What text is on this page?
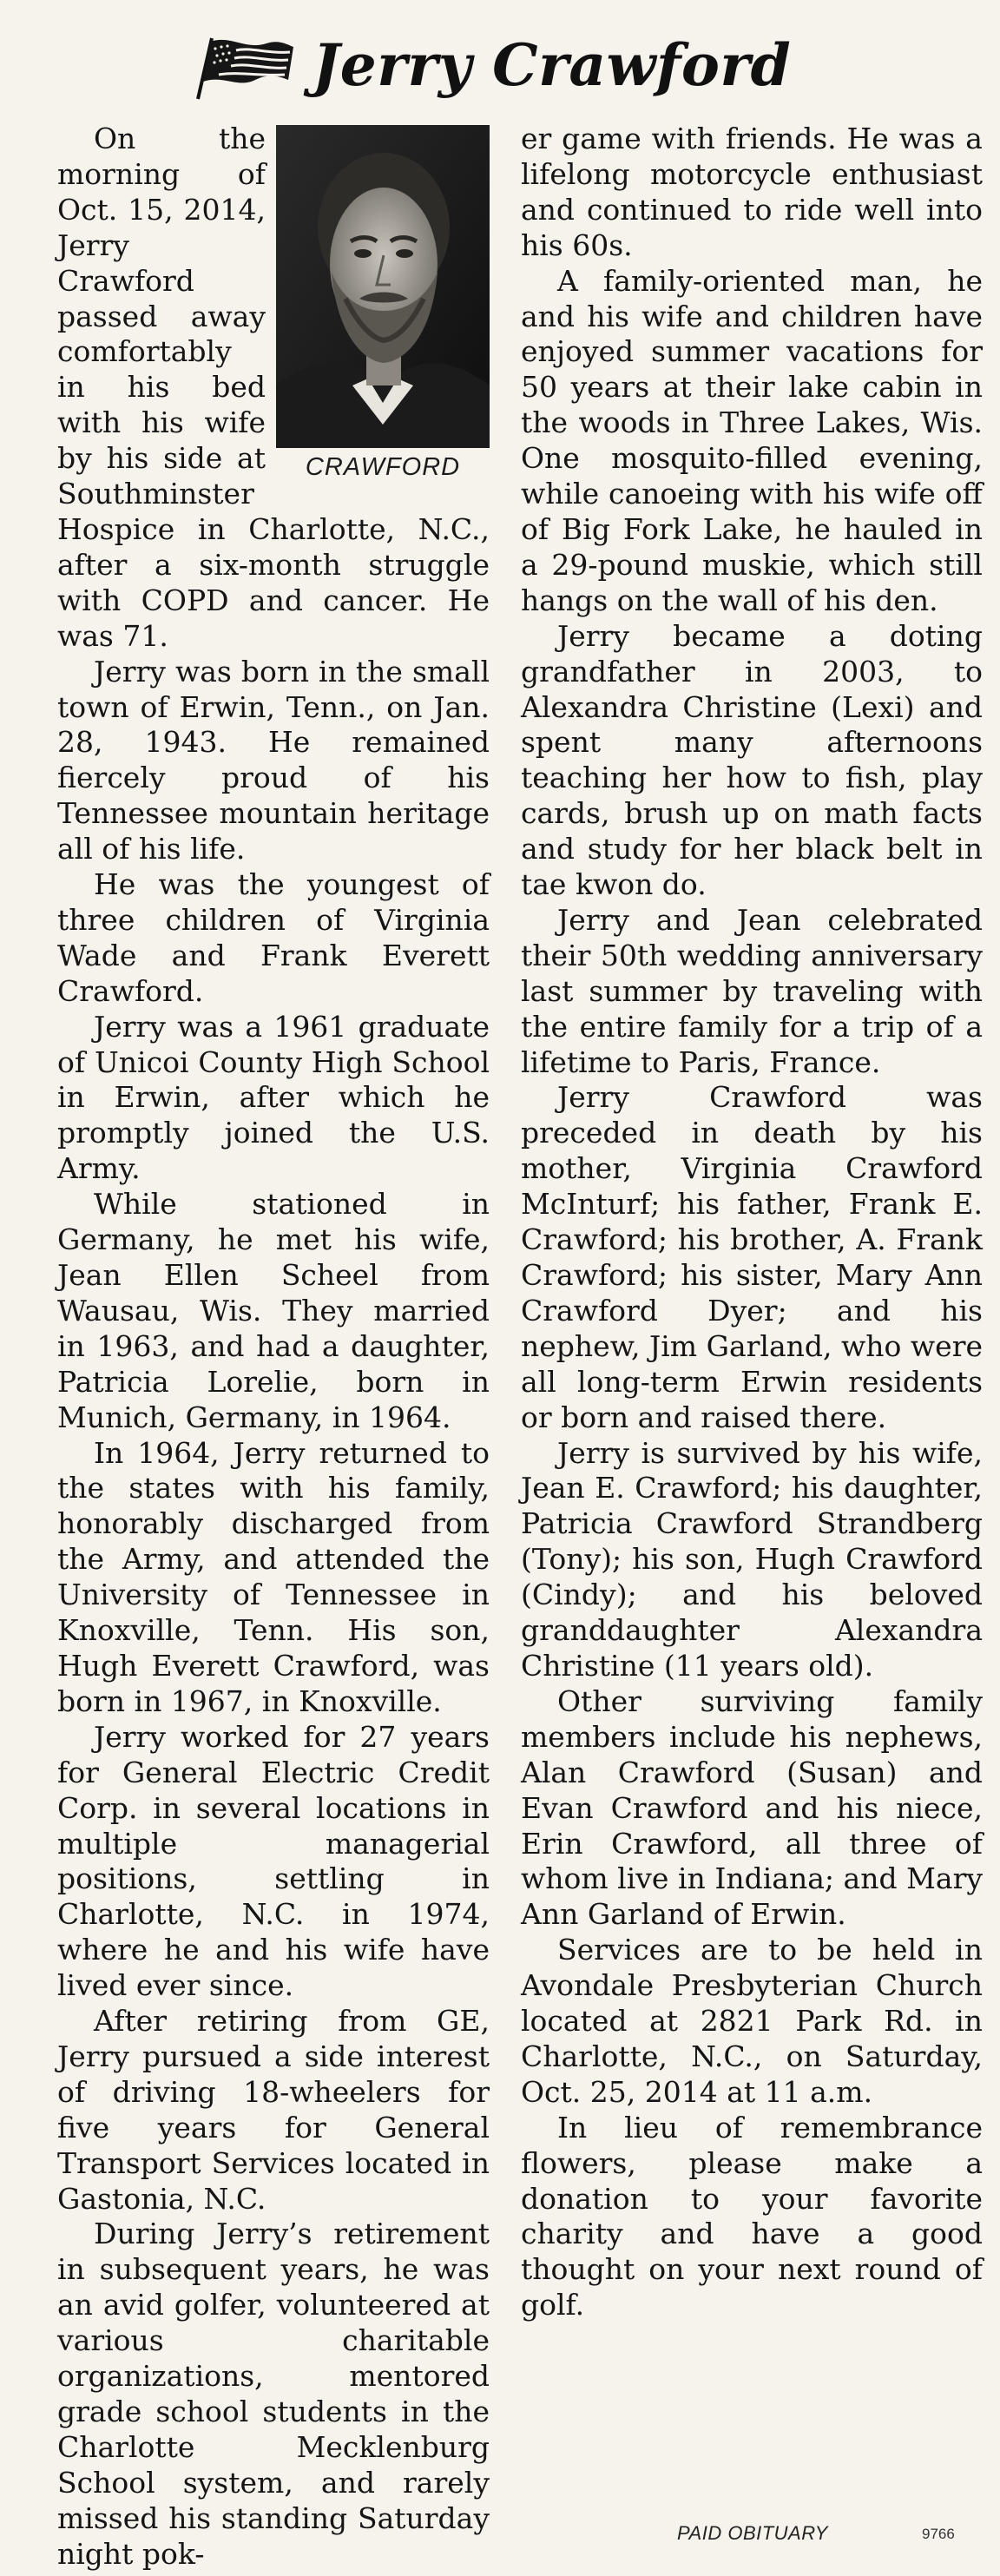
Jerry Crawford
CRAWFORD

On the morning of Oct. 15, 2014, Jerry Crawford passed away comfortably in his bed with his wife by his side at Southminster Hospice in Charlotte, N.C., after a six-month struggle with COPD and cancer. He was 71.

Jerry was born in the small town of Erwin, Tenn., on Jan. 28, 1943. He remained fiercely proud of his Tennessee mountain heritage all of his life.

He was the youngest of three children of Virginia Wade and Frank Everett Crawford.

Jerry was a 1961 graduate of Unicoi County High School in Erwin, after which he promptly joined the U.S. Army.

While stationed in Germany, he met his wife, Jean Ellen Scheel from Wausau, Wis. They married in 1963, and had a daughter, Patricia Lorelie, born in Munich, Germany, in 1964.

In 1964, Jerry returned to the states with his family, honorably discharged from the Army, and attended the University of Tennessee in Knoxville, Tenn. His son, Hugh Everett Crawford, was born in 1967, in Knoxville.

Jerry worked for 27 years for General Electric Credit Corp. in several locations in multiple managerial positions, settling in Charlotte, N.C. in 1974, where he and his wife have lived ever since.

After retiring from GE, Jerry pursued a side interest of driving 18-wheelers for five years for General Transport Services located in Gastonia, N.C.

During Jerry’s retirement in subsequent years, he was an avid golfer, volunteered at various charitable organizations, mentored grade school students in the Charlotte Mecklenburg School system, and rarely missed his standing Saturday night pok-

er game with friends. He was a lifelong motorcycle enthusiast and continued to ride well into his 60s.

A family-oriented man, he and his wife and children have enjoyed summer vacations for 50 years at their lake cabin in the woods in Three Lakes, Wis. One mosquito-filled evening, while canoeing with his wife off of Big Fork Lake, he hauled in a 29-pound muskie, which still hangs on the wall of his den.

Jerry became a doting grandfather in 2003, to Alexandra Christine (Lexi) and spent many afternoons teaching her how to fish, play cards, brush up on math facts and study for her black belt in tae kwon do.

Jerry and Jean celebrated their 50th wedding anniversary last summer by traveling with the entire family for a trip of a lifetime to Paris, France.

Jerry Crawford was preceded in death by his mother, Virginia Crawford McInturf; his father, Frank E. Crawford; his brother, A. Frank Crawford; his sister, Mary Ann Crawford Dyer; and his nephew, Jim Garland, who were all long-term Erwin residents or born and raised there.

Jerry is survived by his wife, Jean E. Crawford; his daughter, Patricia Crawford Strandberg (Tony); his son, Hugh Crawford (Cindy); and his beloved granddaughter Alexandra Christine (11 years old).

Other surviving family members include his nephews, Alan Crawford (Susan) and Evan Crawford and his niece, Erin Crawford, all three of whom live in Indiana; and Mary Ann Garland of Erwin.

Services are to be held in Avondale Presbyterian Church located at 2821 Park Rd. in Charlotte, N.C., on Saturday, Oct. 25, 2014 at 11 a.m.

In lieu of remembrance flowers, please make a donation to your favorite charity and have a good thought on your next round of golf.

PAID OBITUARY	9766
